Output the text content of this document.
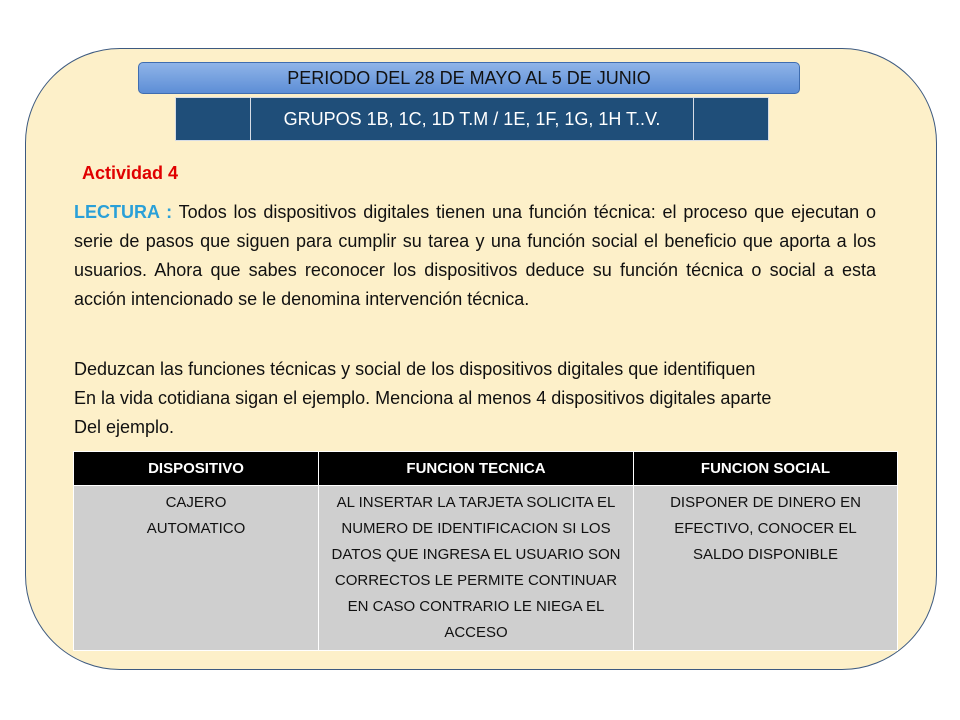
PERIODO DEL 28 DE MAYO AL 5 DE JUNIO
GRUPOS 1B, 1C, 1D T.M / 1E, 1F, 1G, 1H T..V.
Actividad 4

LECTURA : Todos los dispositivos digitales tienen una función técnica: el proceso que ejecutan o serie de pasos que siguen para cumplir su tarea y una función social el beneficio que aporta a los usuarios. Ahora que sabes reconocer los dispositivos deduce su función técnica o social a esta acción intencionado se le denomina intervención técnica.

Deduzcan las funciones técnicas y social de los dispositivos digitales que identifiquen
En la vida cotidiana sigan el ejemplo. Menciona al menos 4 dispositivos digitales aparte
Del ejemplo.
DISPOSITIVO	FUNCION TECNICA	FUNCION SOCIAL
CAJERO AUTOMATICO	AL INSERTAR LA TARJETA SOLICITA EL NUMERO DE IDENTIFICACION SI LOS DATOS QUE INGRESA EL USUARIO SON CORRECTOS LE PERMITE CONTINUAR EN CASO CONTRARIO LE NIEGA EL ACCESO	DISPONER DE DINERO EN EFECTIVO, CONOCER EL SALDO DISPONIBLE
